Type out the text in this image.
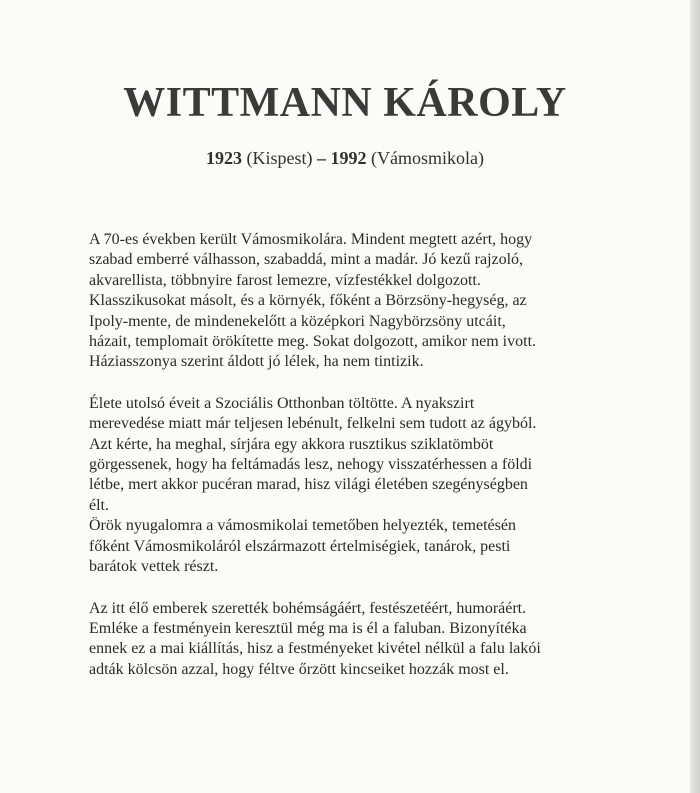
WITTMANN KÁROLY
1923 (Kispest) – 1992 (Vámosmikola)
A 70-es években került Vámosmikolára. Mindent megtett azért, hogy
szabad emberré válhasson, szabaddá, mint a madár. Jó kezű rajzoló,
akvarellista, többnyire farost lemezre, vízfestékkel dolgozott.
Klasszikusokat másolt, és a környék, főként a Börzsöny-hegység, az
Ipoly-mente, de mindenekelőtt a középkori Nagybörzsöny utcáit,
házait, templomait örökítette meg. Sokat dolgozott, amikor nem ivott.
Háziasszonya szerint áldott jó lélek, ha nem tintizik.
Élete utolsó éveit a Szociális Otthonban töltötte. A nyakszirt
merevedése miatt már teljesen lebénult, felkelni sem tudott az ágyból.
Azt kérte, ha meghal, sírjára egy akkora rusztikus sziklatömböt
görgessenek, hogy ha feltámadás lesz, nehogy visszatérhessen a földi
létbe, mert akkor pucéran marad, hisz világi életében szegénységben
élt.
Örök nyugalomra a vámosmikolai temetőben helyezték, temetésén
főként Vámosmikoláról elszármazott értelmiségiek, tanárok, pesti
barátok vettek részt.
Az itt élő emberek szerették bohémságáért, festészetéért, humoráért.
Emléke a festményein keresztül még ma is él a faluban. Bizonyítéka
ennek ez a mai kiállítás, hisz a festményeket kivétel nélkül a falu lakói
adták kölcsön azzal, hogy féltve őrzött kincseiket hozzák most el.
